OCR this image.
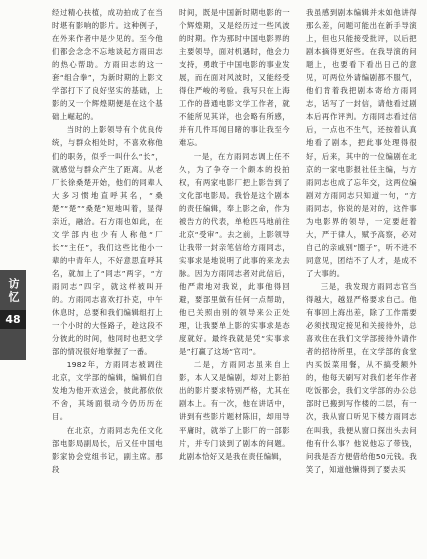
访忆
48

经过精心扶植，成功拍成了在当时堪有影响的影片。这种例子，在外来作者中是少见的。至今他们都会念念不忘地谈起方雨田志的热心帮助。方雨田志的这一套“组合拳”，为新时期的上影文学部打下了良好坚实的基础，上影的又一个辉煌期便是在这个基础上崛起的。

当时的上影领导有个优良传统，与群众相处时，不喜欢称他们的职务，似乎一叫什么“长”，就感觉与群众产生了距离。从老厂长徐桑楚开始，他们的同辈人大多习惯地直呼其名，“桑楚”“楚”“桑楚”短地叫着，显得亲近，融洽。石方雨也如此，在文学部内也少有人称他“厂长”“主任”，我们这些比他小一辈的中青年人，不好意思直呼其名，就加上了“同志”两字，“方雨同志”四字，就这样被叫开的。方雨同志喜欢打扑克，中午休息时，总要和我们编辑组打上一个小时的大怪路子，趁这段不分彼此的时间，他同时也把文学部的情况很好地掌握了一番。

1982年，方雨同志被调往北京，文学部的编辑，编辑们自发地为他开欢送会，彼此都依依不舍，其场面很动今仍历历在目。

在北京，方雨同志先任文化部电影局副局长，后又任中国电影家协会党组书记，副主席。那段

时间，既是中国新时期电影的一个辉煌期，又是经历过一些风波的时期。作为那时中国电影界的主要领导，面对机遇时，他会力支持，勇敢于中国电影的事业发展，而在面对风波时，又能经受得住严峻的考验。我写只在上海工作的普通电影文学工作者，就不能所见其详，也会略有所感，并有几件耳闻目睹的事让我至今难忘。

一是，在方雨同志调上任不久，为了争夺一个颇本的投拍权，有两家电影厂把上影告到了文化部电影局。我恰是这个剧本的责任编辑，奉上影之命，作为被告方的代表，单枪匹马地前往北京“受审”。去之前，上影领导让我带一封亲笔信给方雨同志，实事求是地说明了此事的来龙去脉。因为方雨同志者对此信后，他严肃地对我说，此事他得回避，要部里做有任何一点帮助，他已关照由别的领导来公正处理，让我要单上影的实事求是态度就好。最终我就是凭“实事求是”打赢了这场“官司”。

二是，方雨同志虽来自上影，本人又是编剧，却对上影拍出的影片要求特别严格，尤其在剧本上。有一次，他在讲话中，讲到有些影片题材陈旧，却用导平庸时，就举了上影厂的一部影片，并专门谈到了剧本的问题。此剧本恰好又是我在责任编辑，

我虽感到剧本编辑并未如他讲得那么差，问题可能出在新手导演上，但也只能接受批评，以后把剧本摘得更好些。在我导演的问题上，也要看下看出日己的意见，可两位外请编剧都不服气，他们肯着我把剧本寄给方雨同志，话写了一封信，请他看过剧本后再作评判。方雨同志看过信后，一点也不生气，还按着认真地看了剧本，把此事处理得很好，后来，其中的一位编剧在北京的一家电影报社任主编，与方雨同志也成了忘年交，这两位编剧对方雨同志只知道一句，“方雨同志，你说的是对的，这件事为电影界的领导，一定要赶着大，严于律人，赋予高察，必对自己的亲戚别“圈子”，听不进不同意见，团结不了人才，是成不了大事的。

三是，我发现方雨同志官当得越大，越显严格要求自己。他有事回上海出差，除了工作需要必须找现定接见和关接待外，总喜欢住在我们文学部接待外请作者的招待所里，在文学部的食堂内买饭菜用餐，从不搞受额外的，他每天刷写对我们老年作者吃饭都会，我们文学部的办公总部时已搬到写作楼的二层，有一次，我从窗口听见下楼方雨同志在叫我，我便从窗口探出头去问他有什么事？他说他忘了带钱，问我是否方便借给他50元钱。我笑了，知道他懒得到了要去买
